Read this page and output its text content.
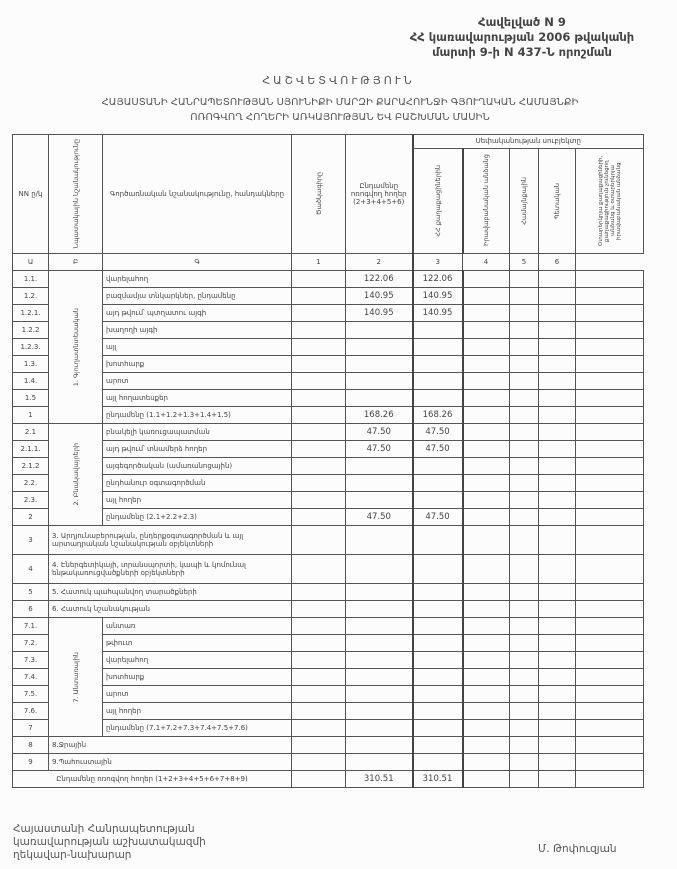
Հավելված N 9
ՀՀ կառավարության 2006 թվականի
մարտի 9-ի N 437-Ն որոշման
ՀԱՇՎԵՏՎՈՒԹՅՈՒՆ
ՀԱՅԱՍՏԱՆԻ ՀԱՆՐԱՊԵՏՈՒԹՅԱՆ ՍՅՈՒՆԻՔԻ ՄԱՐԶԻ ՔԱՐԱՀՈՒՆՋԻ ԳՅՈՒՂԱԿԱՆ ՀԱՄԱՅՆՔԻ
ՈՌՈԳՎՈՂ ՀՈՂԵՐԻ ԱՌԿԱՅՈՒԹՅԱՆ ԵՎ ԲԱՇԽՄԱՆ ՄԱՍԻՆ
NN ը/կ	Նպատակային նշանակությունը	Գործառնական նշանակությունը, հանդակները	Ծածկագիրը	Ընդամենը ոռոգվող հողեր (2+3+4+5+6)	Սեփականության սուբյեկտը				

					ՀՀ քաղաքացիներին	Իրավաբանական անձանց	Համայնքային	Պետական	Օտարերկրյա քաղաքացիների, քաղաքացիություն չունեցող անձանց և օտարերկրյա իրավաբանական անձանց

Ա	Բ	Գ	1	2	3	4	5	6	
1.1.	1. Գյուղատնտեսական	վարելահող		122.06	122.06				
1.2.		բազմամյա տնկարկներ, ընդամենը		140.95	140.95				
1.2.1.		այդ թվում՝ պտղատու այգի		140.95	140.95				
1.2.2		խաղողի այգի							
1.2.3.		այլ							
1.3.		խոտհարք							
1.4.		արոտ							
1.5		այլ հողատեսքեր							
1		ընդամենը (1.1+1.2+1.3+1.4+1.5)		168.26	168.26				
2.1	2. Բնակավայրերի	բնակելի կառուցապատման		47.50	47.50				
2.1.1.		այդ թվում՝ տնամերձ հողեր		47.50	47.50				
2.1.2		այգեգործական (ամառանոցային)							
2.2.		ընդհանուր օգտագործման							
2.3.		այլ հողեր							
2		ընդամենը (2.1+2.2+2.3)		47.50	47.50				
3	3. Արդյունաբերության, ընդերքօգտագործման և այլ արտադրական նշանակության օբյեկտների								
4	4. Էներգետիկայի, տրանսպորտի, կապի և կոմունալ ենթակառուցվածքների օբյեկտների								
5	5. Հատուկ պահպանվող տարածքների								
6	6. Հատուկ նշանակության								
7.1.	7. Անտառային	անտառ							
7.2.		թփուտ							
7.3.		վարելահող							
7.4.		խոտհարք							
7.5.		արոտ							
7.6.		այլ հողեր							
7		ընդամենը (7.1+7.2+7.3+7.4+7.5+7.6)							
8	8.Ջրային								
9	9.Պահուստային								
Ընդամենը ոռոգվող հողեր (1+2+3+4+5+6+7+8+9)				310.51	310.51				
Հայաստանի Հանրապետության
կառավարության աշխատակազմի
ղեկավար-նախարար	Մ. Թոփուզյան
